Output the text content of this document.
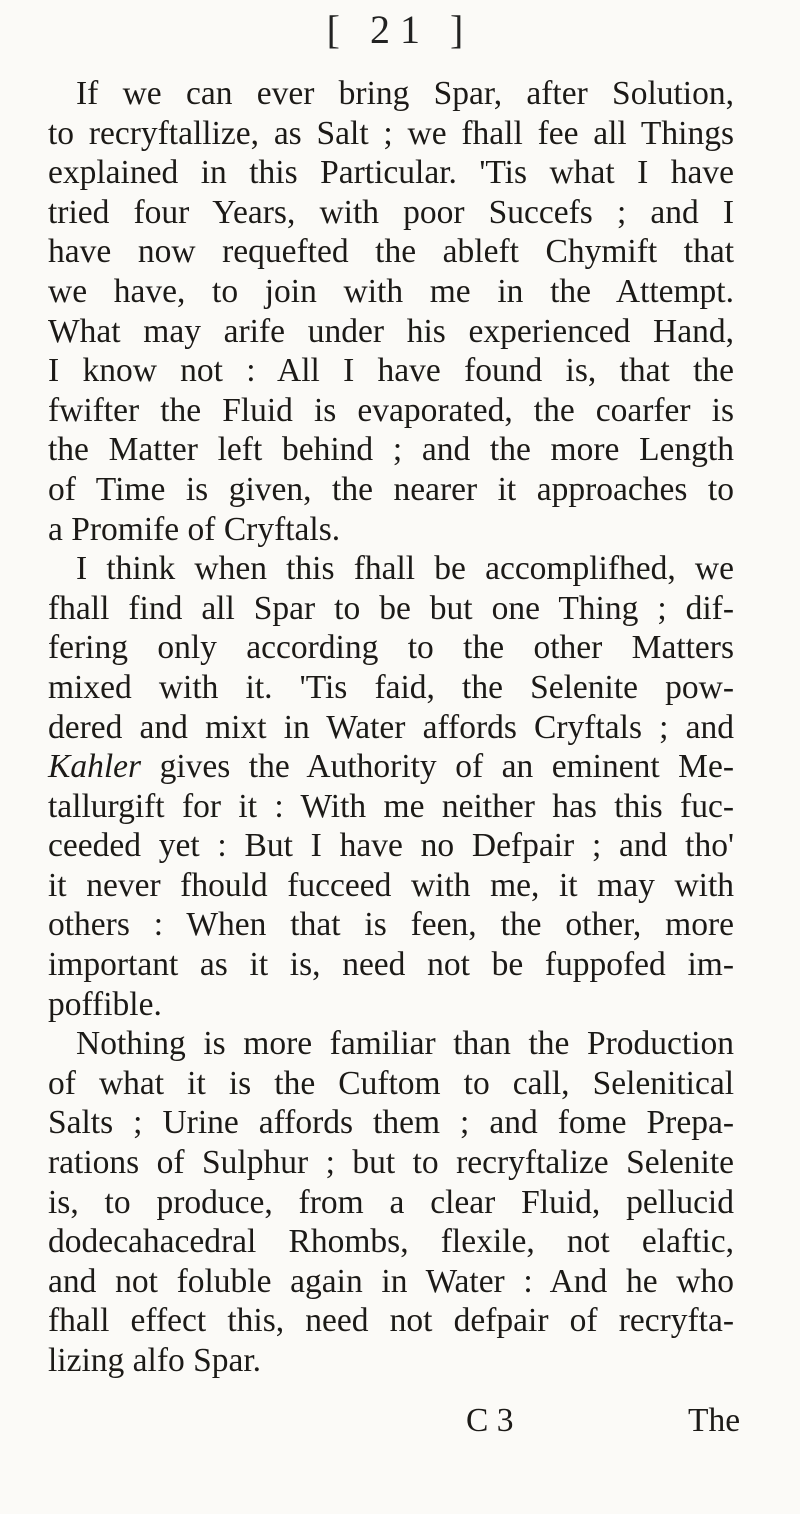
[ 21 ]
If we can ever bring Spar, after Solution,
to recryftallize, as Salt ; we fhall fee all Things
explained in this Particular. 'Tis what I have
tried four Years, with poor Succefs ; and I
have now requefted the ableft Chymift that
we have, to join with me in the Attempt.
What may arife under his experienced Hand,
I know not : All I have found is, that the
fwifter the Fluid is evaporated, the coarfer is
the Matter left behind ; and the more Length
of Time is given, the nearer it approaches to
a Promife of Cryftals.
I think when this fhall be accomplifhed, we
fhall find all Spar to be but one Thing ; dif-
fering only according to the other Matters
mixed with it. 'Tis faid, the Selenite pow-
dered and mixt in Water affords Cryftals ; and
Kahler gives the Authority of an eminent Me-
tallurgift for it : With me neither has this fuc-
ceeded yet : But I have no Defpair ; and tho'
it never fhould fucceed with me, it may with
others : When that is feen, the other, more
important as it is, need not be fuppofed im-
poffible.
Nothing is more familiar than the Production
of what it is the Cuftom to call, Selenitical
Salts ; Urine affords them ; and fome Prepa-
rations of Sulphur ; but to recryftalize Selenite
is, to produce, from a clear Fluid, pellucid
dodecahacedral Rhombs, flexile, not elaftic,
and not foluble again in Water : And he who
fhall effect this, need not defpair of recryfta-
lizing alfo Spar.
C 3	The
